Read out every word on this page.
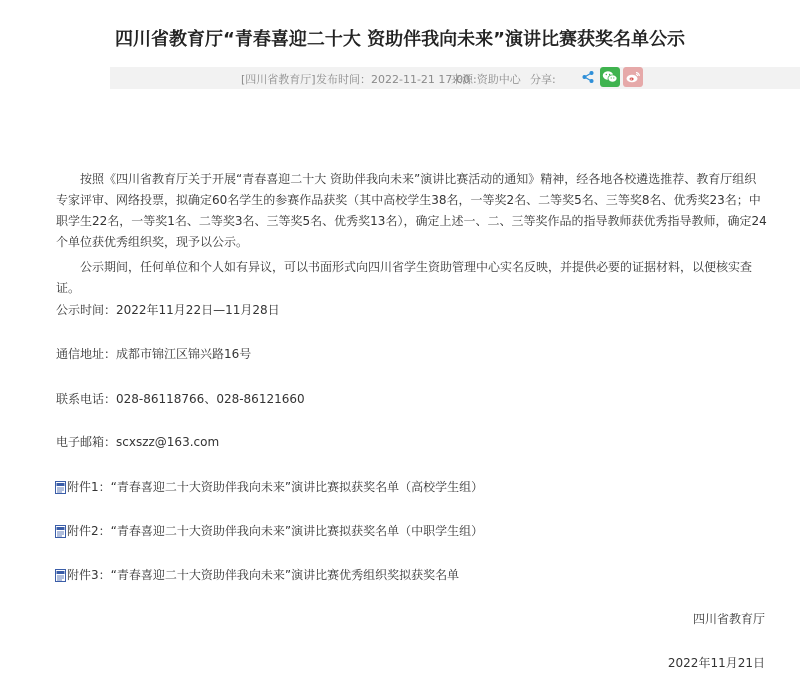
四川省教育厅“青春喜迎二十大 资助伴我向未来”演讲比赛获奖名单公示
[四川省教育厅] 发布时间：2022-11-21 17:00
来源:资助中心 分享:
按照《四川省教育厅关于开展“青春喜迎二十大 资助伴我向未来”演讲比赛活动的通知》精神，经各地各校遴选推荐、教育厅组织专家评审、网络投票，拟确定60名学生的参赛作品获奖（其中高校学生38名，一等奖2名、二等奖5名、三等奖8名、优秀奖23名；中职学生22名，一等奖1名、二等奖3名、三等奖5名、优秀奖13名），确定上述一、二、三等奖作品的指导教师获优秀指导教师，确定24个单位获优秀组织奖，现予以公示。
公示期间，任何单位和个人如有异议，可以书面形式向四川省学生资助管理中心实名反映，并提供必要的证据材料，以便核实查证。
公示时间：2022年11月22日—11月28日
通信地址：成都市锦江区锦兴路16号
联系电话：028-86118766、028-86121660
电子邮箱：scxszz@163.com
附件1：“青春喜迎二十大资助伴我向未来”演讲比赛拟获奖名单（高校学生组）
附件2：“青春喜迎二十大资助伴我向未来”演讲比赛拟获奖名单（中职学生组）
附件3：“青春喜迎二十大资助伴我向未来”演讲比赛优秀组织奖拟获奖名单
四川省教育厅
2022年11月21日
